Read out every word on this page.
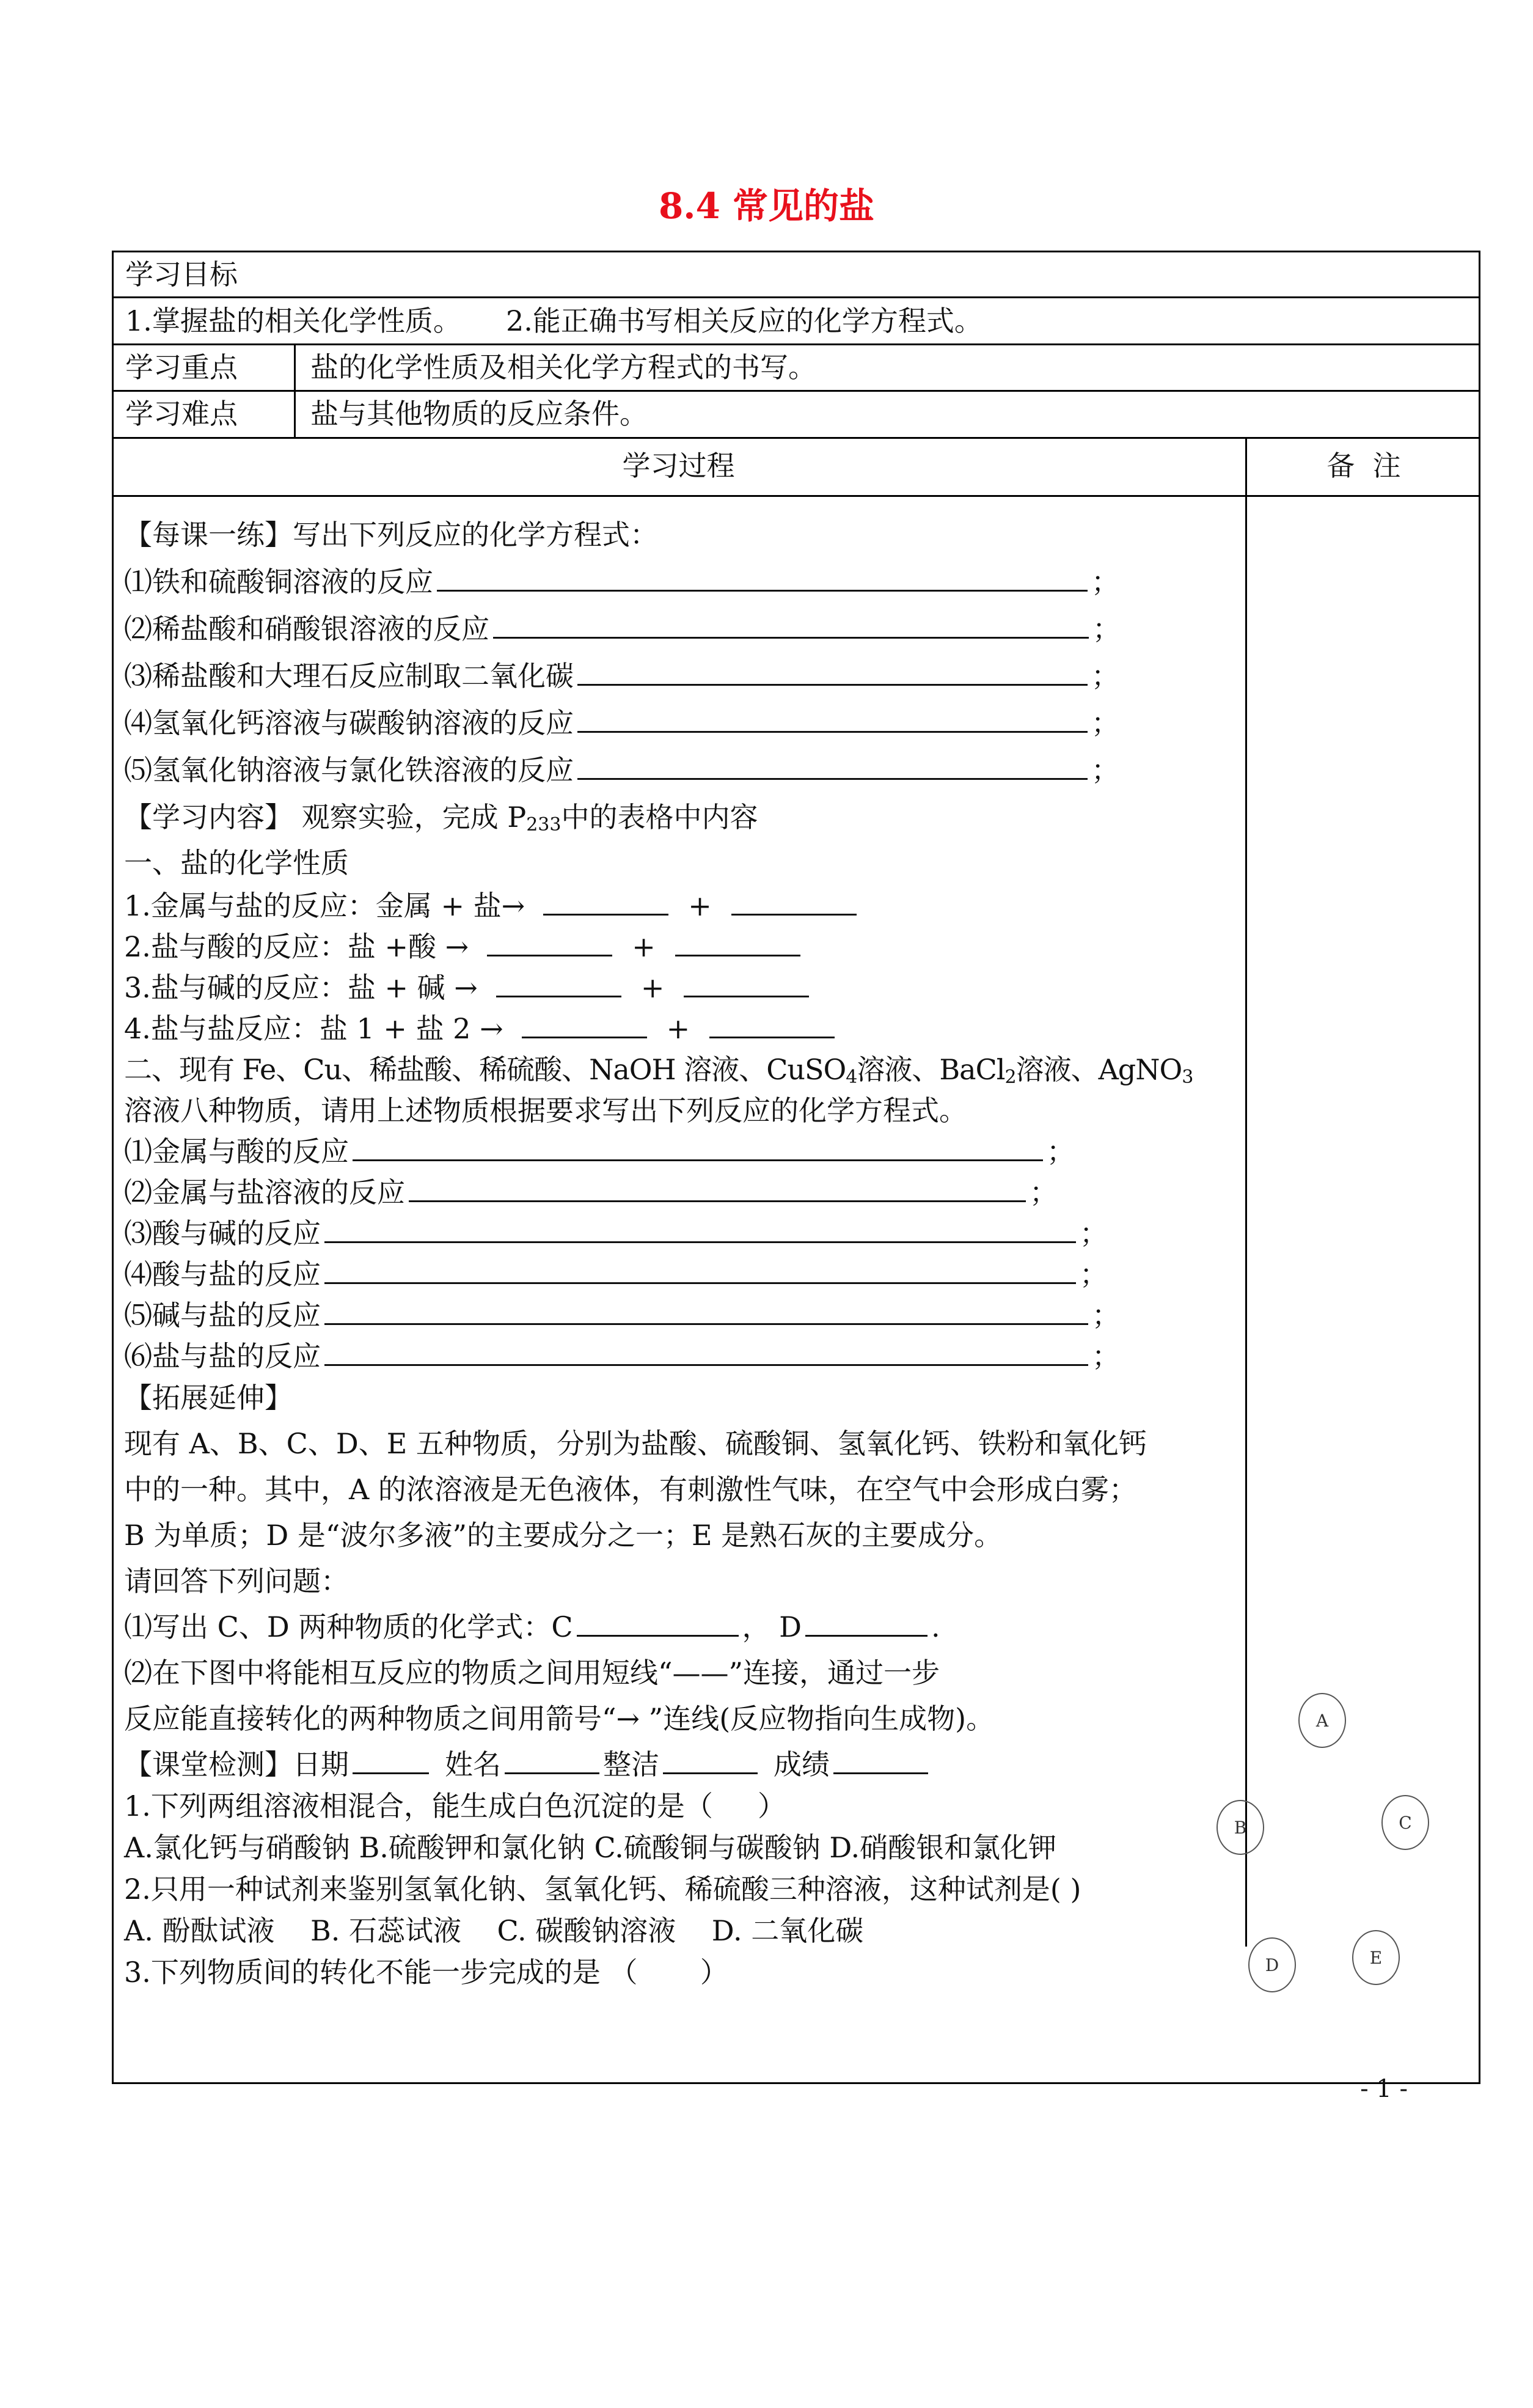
8.4 常见的盐
学习目标
1.掌握盐的相关化学性质。     2.能正确书写相关反应的化学方程式。
学习重点	盐的化学性质及相关化学方程式的书写。
学习难点	盐与其他物质的反应条件。
学习过程	备  注
【每课一练】写出下列反应的化学方程式：
⑴铁和硫酸铜溶液的反应	；
⑵稀盐酸和硝酸银溶液的反应	；
⑶稀盐酸和大理石反应制取二氧化碳	；
⑷氢氧化钙溶液与碳酸钠溶液的反应	；
⑸氢氧化钠溶液与氯化铁溶液的反应	；
【学习内容】 观察实验，完成 $P_{233}$中的表格中内容
一、盐的化学性质
1.金属与盐的反应：金属 + 盐→	+
2.盐与酸的反应：盐 +酸 →	+
3.盐与碱的反应：盐 + 碱 →	+
4.盐与盐反应：盐 1 + 盐 2 →	+
二、现有 Fe、Cu、稀盐酸、稀硫酸、NaOH 溶液、CuSO$_4$溶液、BaCl$_2$溶液、AgNO$_3$
溶液八种物质，请用上述物质根据要求写出下列反应的化学方程式。
⑴金属与酸的反应	；
⑵金属与盐溶液的反应	；
⑶酸与碱的反应	；
⑷酸与盐的反应	；
⑸碱与盐的反应	；
⑹盐与盐的反应	；
【拓展延伸】
现有 A、B、C、D、E 五种物质，分别为盐酸、硫酸铜、氢氧化钙、铁粉和氧化钙
中的一种。其中，A 的浓溶液是无色液体，有刺激性气味，在空气中会形成白雾；
B 为单质；D 是“波尔多液”的主要成分之一；E 是熟石灰的主要成分。
请回答下列问题：
⑴写出 C、D 两种物质的化学式：C	， D	.
⑵在下图中将能相互反应的物质之间用短线“——”连接，通过一步
反应能直接转化的两种物质之间用箭号“→ ”连线(反应物指向生成物)。
【课堂检测】日期	姓名	整洁	成绩
1.下列两组溶液相混合，能生成白色沉淀的是（     ）
A.氯化钙与硝酸钠 B.硫酸钾和氯化钠 C.硫酸铜与碳酸钠 D.硝酸银和氯化钾
2.只用一种试剂来鉴别氢氧化钠、氢氧化钙、稀硫酸三种溶液，这种试剂是( )
A. 酚酞试液    B. 石蕊试液    C. 碳酸钠溶液    D. 二氧化碳
3.下列物质间的转化不能一步完成的是 （       ）
A
B	C
D	E
- 1 -
